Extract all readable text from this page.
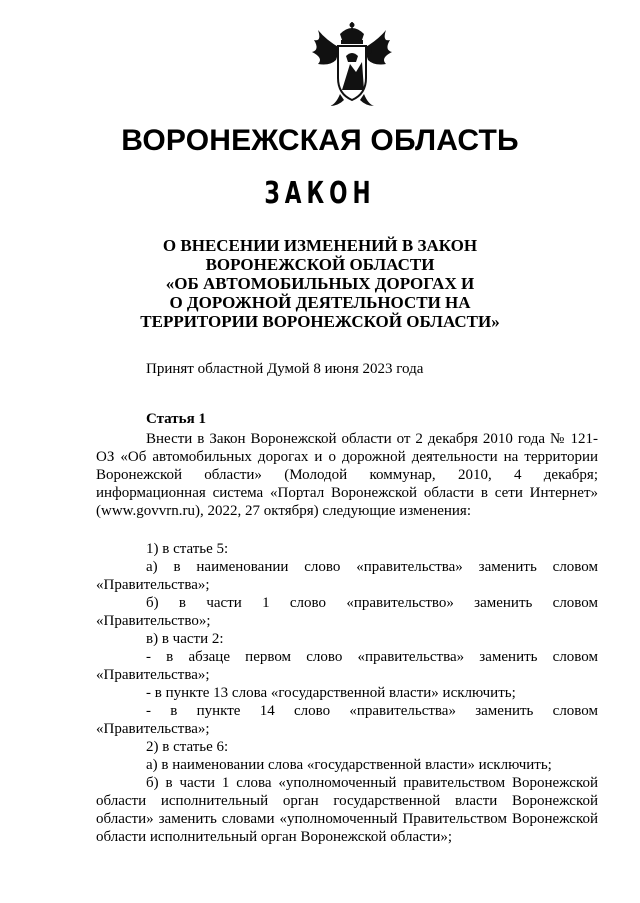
ВОРОНЕЖСКАЯ ОБЛАСТЬ
ЗАКОН
О ВНЕСЕНИИ ИЗМЕНЕНИЙ В ЗАКОН
ВОРОНЕЖСКОЙ ОБЛАСТИ
«ОБ АВТОМОБИЛЬНЫХ ДОРОГАХ И
О ДОРОЖНОЙ ДЕЯТЕЛЬНОСТИ НА
ТЕРРИТОРИИ ВОРОНЕЖСКОЙ ОБЛАСТИ»
Принят областной Думой 8 июня 2023 года
Статья 1

Внести в Закон Воронежской области от 2 декабря 2010 года № 121-ОЗ «Об автомобильных дорогах и о дорожной деятельности на территории Воронежской области» (Молодой коммунар, 2010, 4 декабря; информационная система «Портал Воронежской области в сети Интернет» (www.govvrn.ru), 2022, 27 октября) следующие изменения:

1) в статье 5:

а) в наименовании слово «правительства» заменить словом «Правительства»;

б) в части 1 слово «правительство» заменить словом «Правительство»;

в) в части 2:

- в абзаце первом слово «правительства» заменить словом «Правительства»;

- в пункте 13 слова «государственной власти» исключить;

- в пункте 14 слово «правительства» заменить словом «Правительства»;

2) в статье 6:

а) в наименовании слова «государственной власти» исключить;

б) в части 1 слова «уполномоченный правительством Воронежской области исполнительный орган государственной власти Воронежской области» заменить словами «уполномоченный Правительством Воронежской области исполнительный орган Воронежской области»;
